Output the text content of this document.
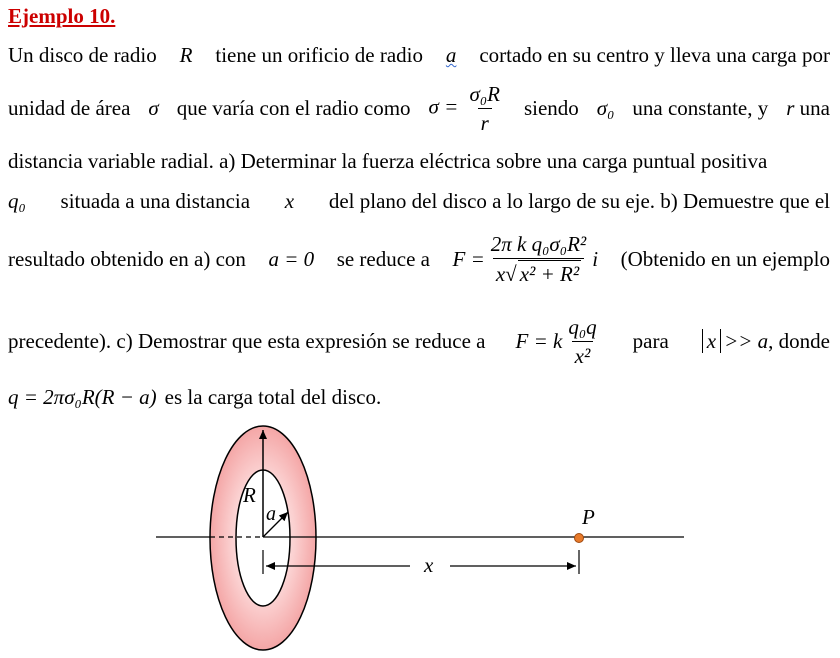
Ejemplo 10.
Un disco de radio R tiene un orificio de radio a cortado en su centro y lleva una carga por
unidad de área σ que varía con el radio como $\sigma = \frac{\text{σ₀R}}{r}$ siendo σ₀ una constante, y r una
distancia variable radial. a) Determinar la fuerza eléctrica sobre una carga puntual positiva
q₀ situada a una distancia x del plano del disco a lo largo de su eje. b) Demuestre que el
resultado obtenido en a) con a = 0 se reduce a $F = \frac{\text{2π k q₀σ₀R²}}{\text{x√ x² + R²}}$ i (Obtenido en un ejemplo
precedente). c) Demostrar que esta expresión se reduce a F = k $\frac{\text{q₀q}}{\text{x²}}$ para x >> a , donde
q = 2πσ₀R(R − a) es la carga total del disco.
R
a	P
x
